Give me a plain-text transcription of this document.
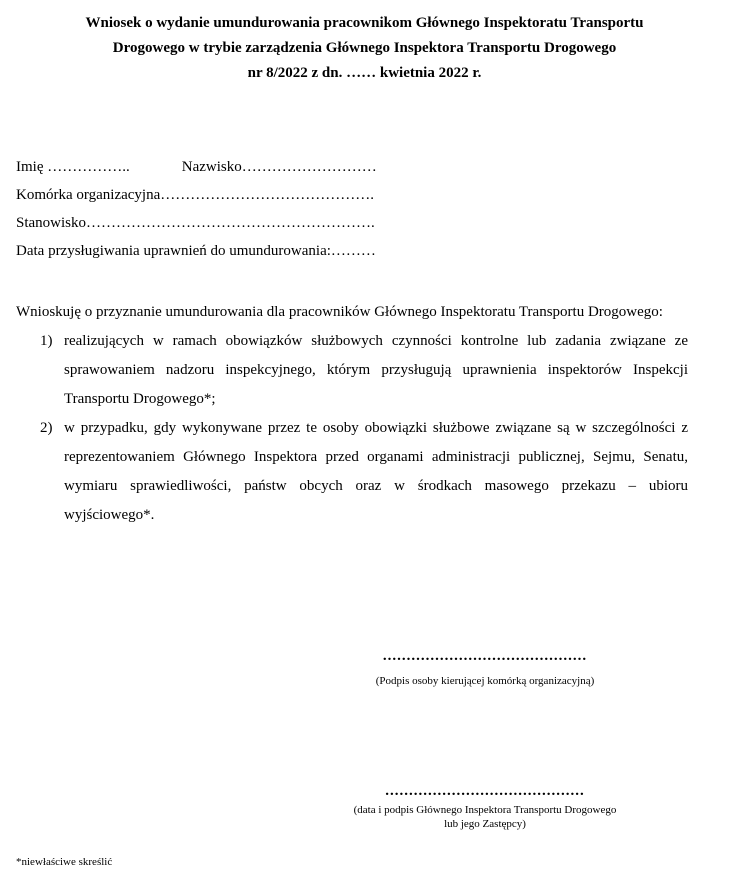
Wniosek o wydanie umundurowania pracownikom Głównego Inspektoratu Transportu
Drogowego w trybie zarządzenia Głównego Inspektora Transportu Drogowego
nr 8/2022 z dn. …… kwietnia 2022 r.
Imię ……………..	Nazwisko………………………
Komórka organizacyjna…………………………………….
Stanowisko………………………………………………….
Data przysługiwania uprawnień do umundurowania:………

Wnioskuję o przyznanie umundurowania dla pracowników Głównego Inspektoratu Transportu Drogowego:

1) realizujących w ramach obowiązków służbowych czynności kontrolne lub zadania związane ze sprawowaniem nadzoru inspekcyjnego, którym przysługują uprawnienia inspektorów Inspekcji Transportu Drogowego*;
2) w przypadku, gdy wykonywane przez te osoby obowiązki służbowe związane są w szczególności z reprezentowaniem Głównego Inspektora przed organami administracji publicznej, Sejmu, Senatu, wymiaru sprawiedliwości, państw obcych oraz w środkach masowego przekazu – ubioru wyjściowego*.
...........................................
(Podpis osoby kierującej komórką organizacyjną)
..........................................
(data i podpis Głównego Inspektora Transportu Drogowego
lub jego Zastępcy)
*niewłaściwe skreślić
